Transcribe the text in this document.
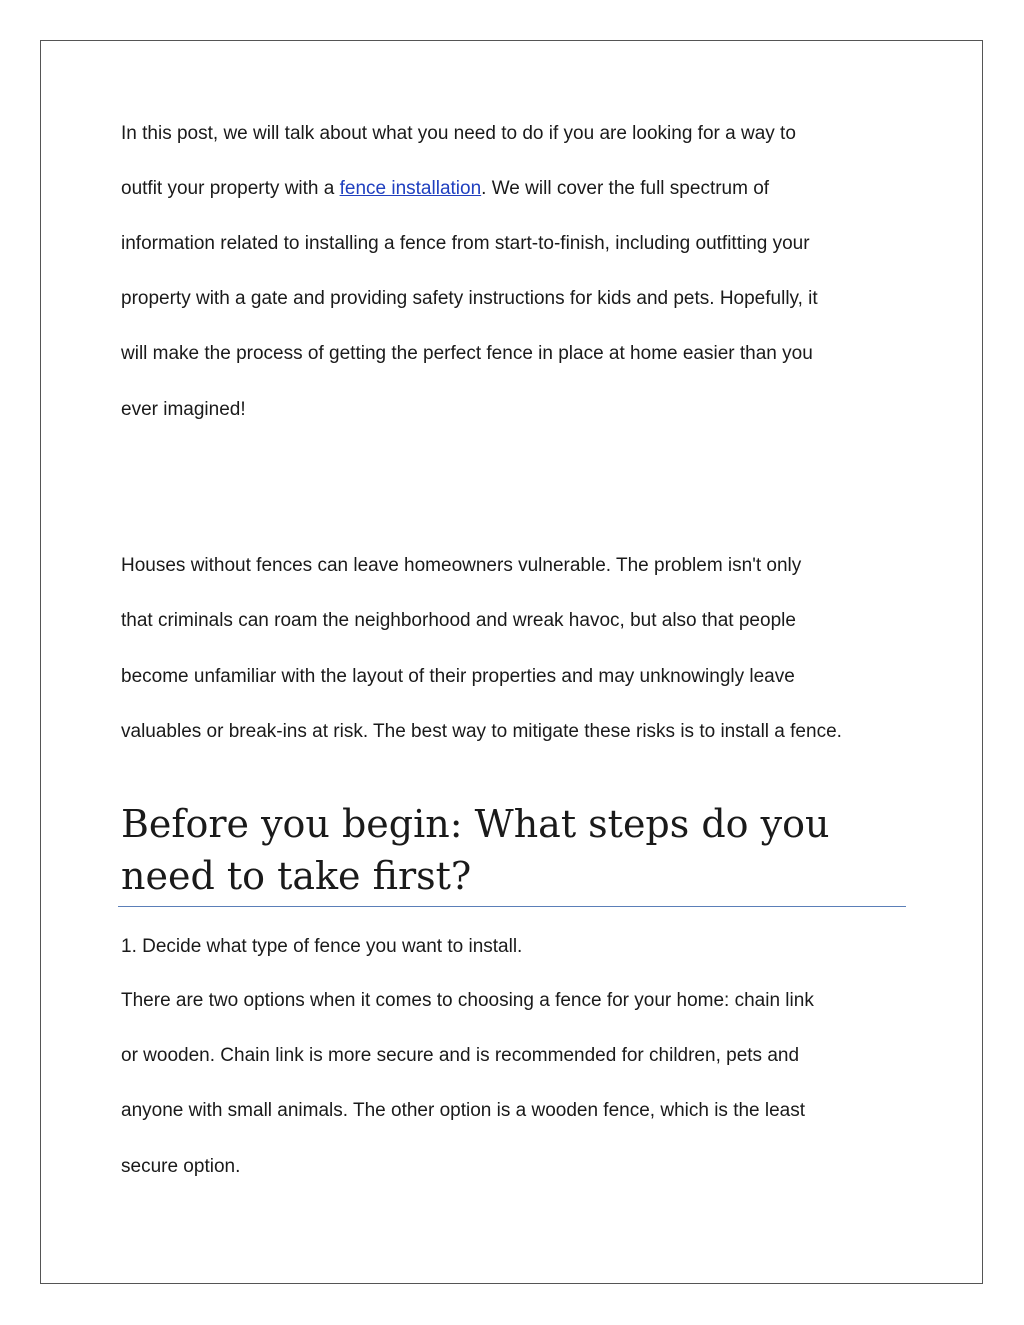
In this post, we will talk about what you need to do if you are looking for a way to

outfit your property with a fence installation. We will cover the full spectrum of

information related to installing a fence from start-to-finish, including outfitting your

property with a gate and providing safety instructions for kids and pets. Hopefully, it

will make the process of getting the perfect fence in place at home easier than you

ever imagined!

Houses without fences can leave homeowners vulnerable. The problem isn't only

that criminals can roam the neighborhood and wreak havoc, but also that people

become unfamiliar with the layout of their properties and may unknowingly leave

valuables or break-ins at risk. The best way to mitigate these risks is to install a fence.

Before you begin: What steps do you
need to take first?

1. Decide what type of fence you want to install.

There are two options when it comes to choosing a fence for your home: chain link

or wooden. Chain link is more secure and is recommended for children, pets and

anyone with small animals. The other option is a wooden fence, which is the least

secure option.
